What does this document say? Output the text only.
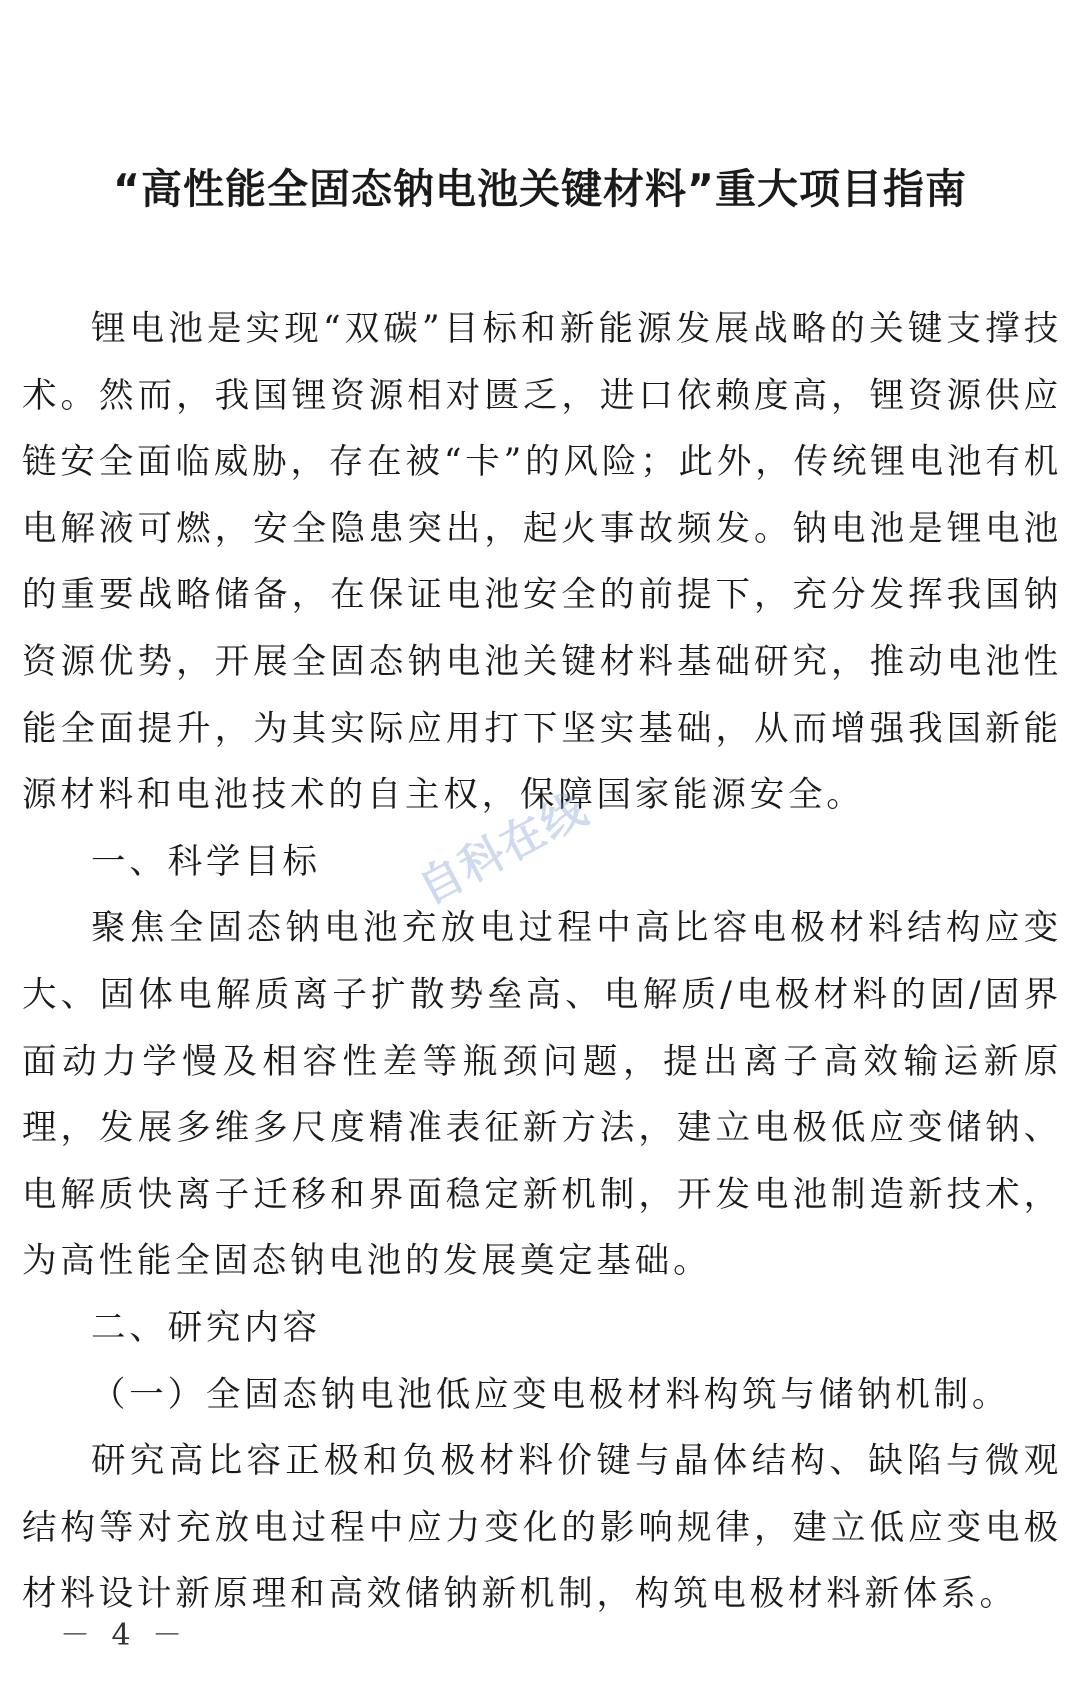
“高性能全固态钠电池关键材料”重大项目指南

锂电池是实现“双碳”目标和新能源发展战略的关键支撑技术。然而，我国锂资源相对匮乏，进口依赖度高，锂资源供应链安全面临威胁，存在被“卡”的风险；此外，传统锂电池有机电解液可燃，安全隐患突出，起火事故频发。钠电池是锂电池的重要战略储备，在保证电池安全的前提下，充分发挥我国钠资源优势，开展全固态钠电池关键材料基础研究，推动电池性能全面提升，为其实际应用打下坚实基础，从而增强我国新能源材料和电池技术的自主权，保障国家能源安全。

一、科学目标

聚焦全固态钠电池充放电过程中高比容电极材料结构应变大、固体电解质离子扩散势垒高、电解质/电极材料的固/固界面动力学慢及相容性差等瓶颈问题，提出离子高效输运新原理，发展多维多尺度精准表征新方法，建立电极低应变储钠、电解质快离子迁移和界面稳定新机制，开发电池制造新技术，为高性能全固态钠电池的发展奠定基础。

二、研究内容
（一）全固态钠电池低应变电极材料构筑与储钠机制。

研究高比容正极和负极材料价键与晶体结构、缺陷与微观结构等对充放电过程中应力变化的影响规律，建立低应变电极材料设计新原理和高效储钠新机制，构筑电极材料新体系。

自科在线
－ 4 －
